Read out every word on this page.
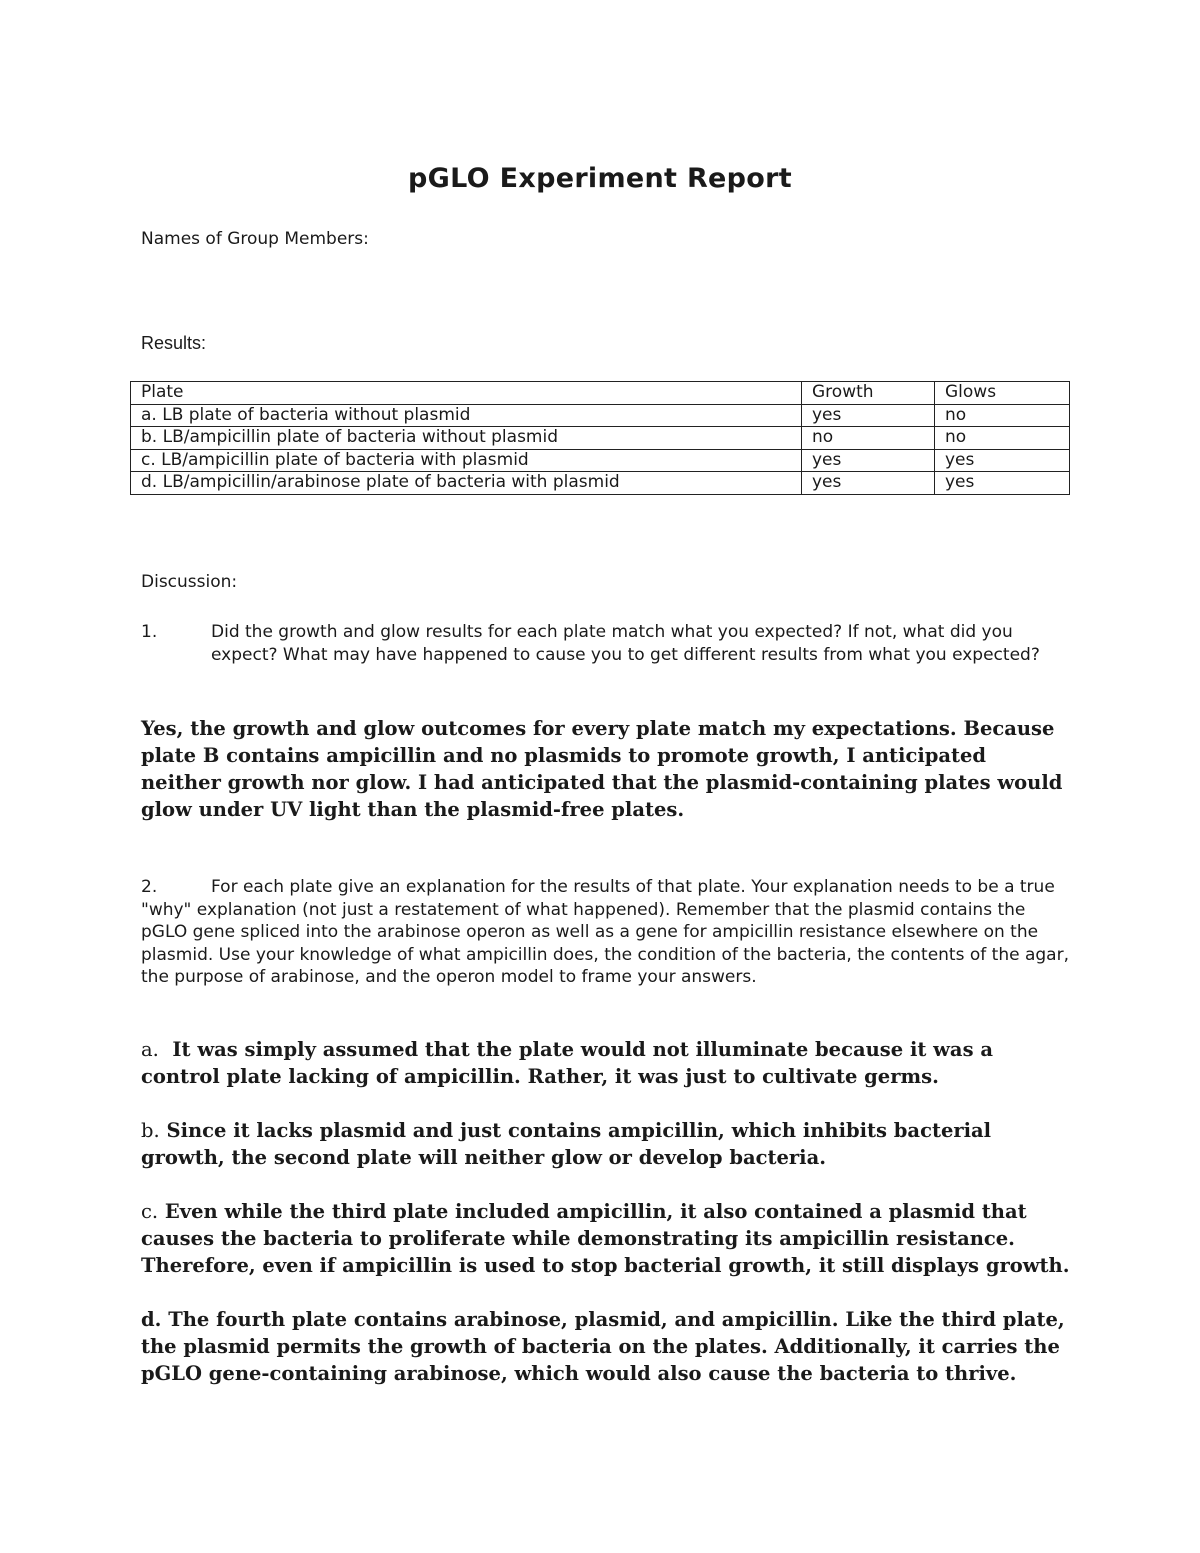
pGLO Experiment Report
Names of Group Members:
Results:
Plate	Growth	Glows
a. LB plate of bacteria without plasmid	yes	no
b. LB/ampicillin plate of bacteria without plasmid	no	no
c. LB/ampicillin plate of bacteria with plasmid	yes	yes
d. LB/ampicillin/arabinose plate of bacteria with plasmid	yes	yes
Discussion:
1.	Did the growth and glow results for each plate match what you expected? If not, what did you expect? What may have happened to cause you to get different results from what you expected?
Yes, the growth and glow outcomes for every plate match my expectations. Because plate B contains ampicillin and no plasmids to promote growth, I anticipated neither growth nor glow. I had anticipated that the plasmid-containing plates would glow under UV light than the plasmid-free plates.
2.	For each plate give an explanation for the results of that plate. Your explanation needs to be a true "why" explanation (not just a restatement of what happened). Remember that the plasmid contains the pGLO gene spliced into the arabinose operon as well as a gene for ampicillin resistance elsewhere on the plasmid. Use your knowledge of what ampicillin does, the condition of the bacteria, the contents of the agar, the purpose of arabinose, and the operon model to frame your answers.
a. It was simply assumed that the plate would not illuminate because it was a control plate lacking of ampicillin. Rather, it was just to cultivate germs.
b. Since it lacks plasmid and just contains ampicillin, which inhibits bacterial growth, the second plate will neither glow or develop bacteria.
c. Even while the third plate included ampicillin, it also contained a plasmid that causes the bacteria to proliferate while demonstrating its ampicillin resistance. Therefore, even if ampicillin is used to stop bacterial growth, it still displays growth.
d. The fourth plate contains arabinose, plasmid, and ampicillin. Like the third plate, the plasmid permits the growth of bacteria on the plates. Additionally, it carries the pGLO gene-containing arabinose, which would also cause the bacteria to thrive.
